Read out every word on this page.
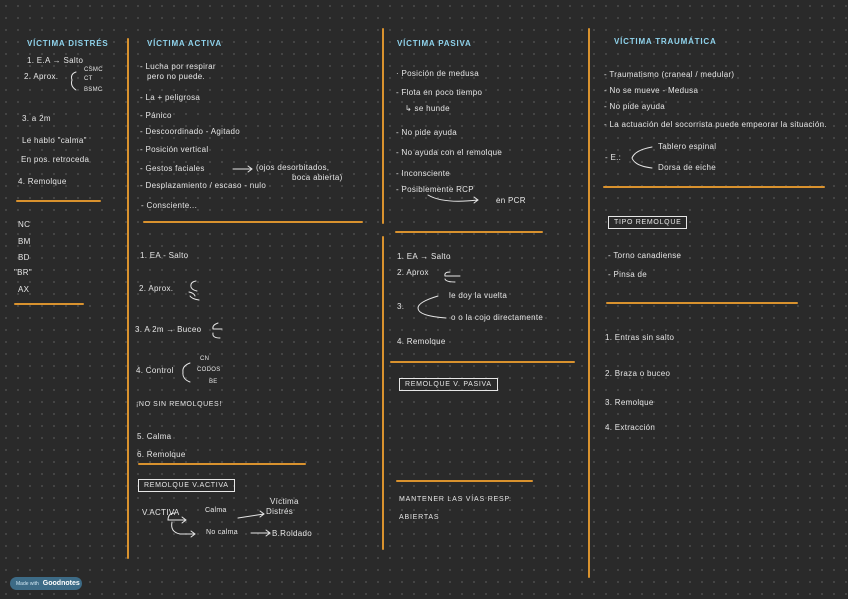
VÍCTIMA DISTRÉS
1. E.A → Salto
2. Aprox.
CSMC
CT
BSMC
3. a 2m
Le hablo "calma"
En pos. retroceda
4. Remolque
NC
BM
BD
"BR"
AX
VÍCTIMA ACTIVA
- Lucha por respirar
pero no puede.
- La + peligrosa
- Pánico
- Descoordinado - Agitado
- Posición vertical
- Gestos faciales	(ojos desorbitados,
boca abierta)
- Desplazamiento / escaso - nulo
- Consciente...
1. EA - Salto
2. Aprox.
3. A 2m → Buceo
4. Control
CN
CODOS
BE
¡NO SIN REMOLQUES!
5. Calma
6. Remolque
REMOLQUE V.ACTIVA
V.ACTIVA	Calma
Víctima
Distrés
No calma	B.Roldado
VÍCTIMA PASIVA
· Posición de medusa
- Flota en poco tiempo
↳ se hunde
- No pide ayuda
- No ayuda con el remolque
- Inconsciente
- Posiblemente RCP
en PCR
1. EA → Salto
2. Aprox
3.
le doy la vuelta
o o la cojo directamente
4. Remolque
REMOLQUE V. PASIVA
MANTENER LAS VÍAS RESP.
ABIERTAS
VÍCTIMA TRAUMÁTICA
- Traumatismo (craneal / medular)
- No se mueve - Medusa
- No pide ayuda
- La actuación del socorrista puede empeorar la situación.
- E.:
Tablero espinal
Dorsa de eiche
TIPO REMOLQUE
- Torno canadiense
- Pinsa de
1. Entras sin salto
2. Braza o buceo
3. Remolque
4. Extracción
Made with Goodnotes
